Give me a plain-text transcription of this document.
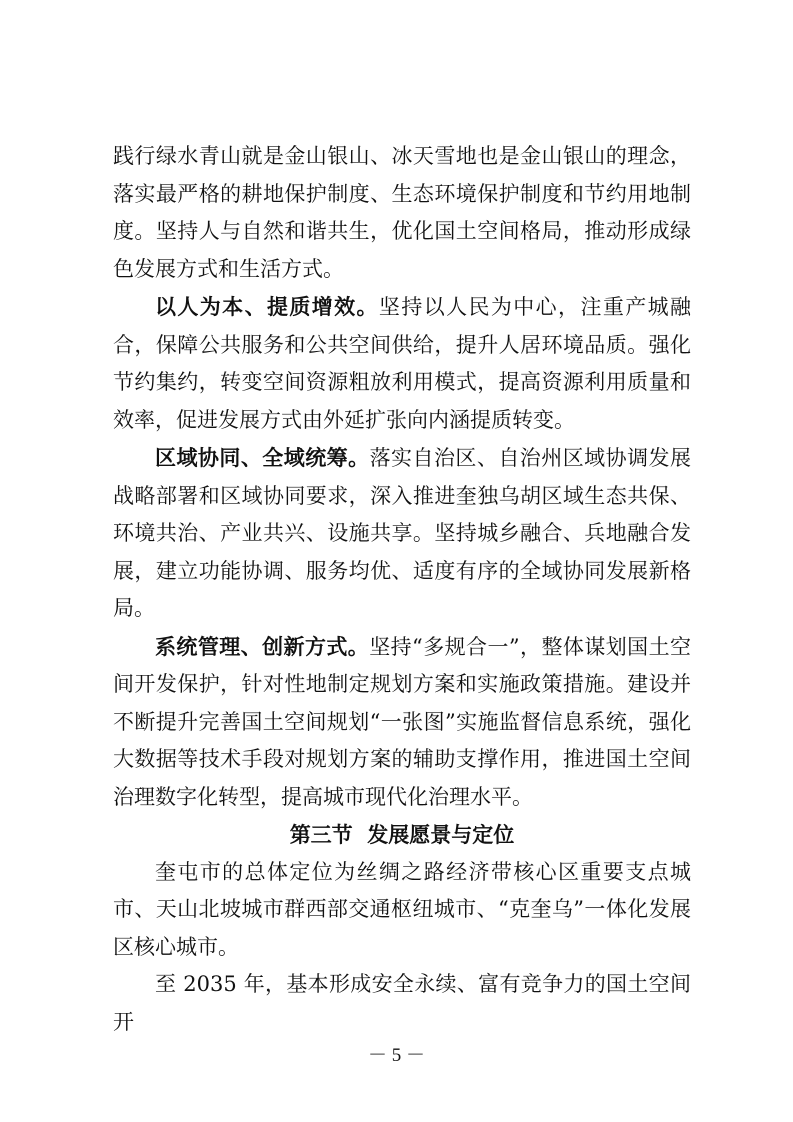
践行绿水青山就是金山银山、冰天雪地也是金山银山的理念，落实最严格的耕地保护制度、生态环境保护制度和节约用地制度。坚持人与自然和谐共生，优化国土空间格局，推动形成绿色发展方式和生活方式。

以人为本、提质增效。坚持以人民为中心，注重产城融合，保障公共服务和公共空间供给，提升人居环境品质。强化节约集约，转变空间资源粗放利用模式，提高资源利用质量和效率，促进发展方式由外延扩张向内涵提质转变。

区域协同、全域统筹。落实自治区、自治州区域协调发展战略部署和区域协同要求，深入推进奎独乌胡区域生态共保、环境共治、产业共兴、设施共享。坚持城乡融合、兵地融合发展，建立功能协调、服务均优、适度有序的全域协同发展新格局。

系统管理、创新方式。坚持“多规合一”，整体谋划国土空间开发保护，针对性地制定规划方案和实施政策措施。建设并不断提升完善国土空间规划“一张图”实施监督信息系统，强化大数据等技术手段对规划方案的辅助支撑作用，推进国土空间治理数字化转型，提高城市现代化治理水平。

第三节  发展愿景与定位

奎屯市的总体定位为丝绸之路经济带核心区重要支点城市、天山北坡城市群西部交通枢纽城市、“克奎乌”一体化发展区核心城市。

至 2035 年，基本形成安全永续、富有竞争力的国土空间开

－ 5 －
